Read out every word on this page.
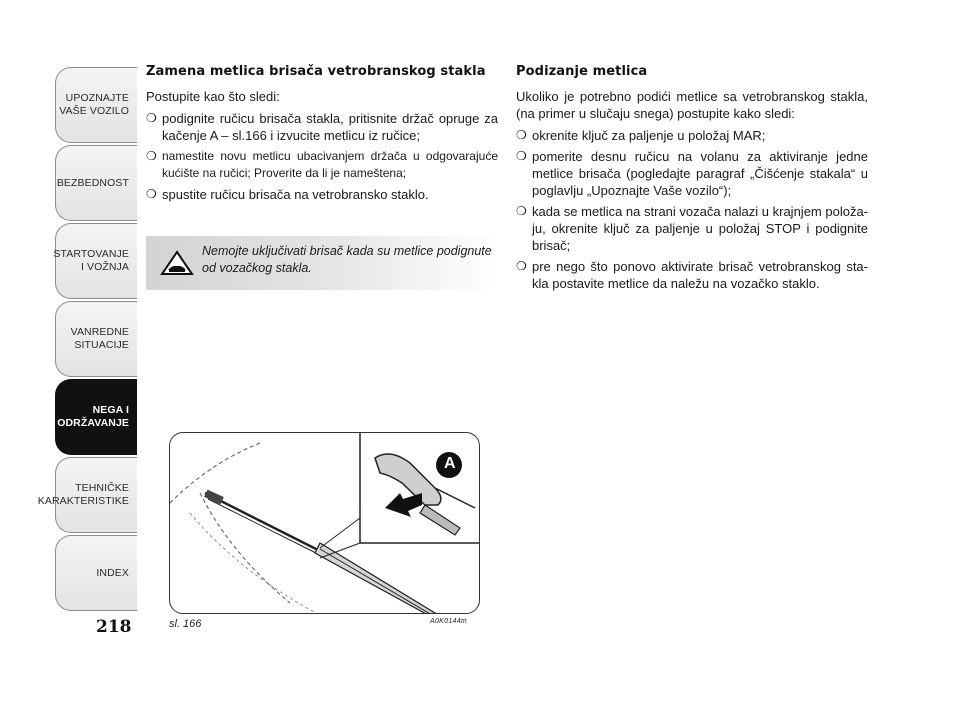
UPOZNAJTE
VAŠE VOZILO
BEZBEDNOST
STARTOVANJE
I VOŽNJA
VANREDNE
SITUACIJE
NEGA I
ODRŽAVANJE
TEHNIČKE
KARAKTERISTIKE
INDEX
218
Zamena metlica brisača vetrobranskog stakla

Postupite kao što sledi:

❍ podignite ručicu brisača stakla, pritisnite držač opruge za kačenje A – sl.166 i izvucite metlicu iz ručice;
❍ namestite novu metlicu ubacivanjem držača u odgovarajuće kućište na ručici; Proverite da li je nameštena;
❍ spustite ručicu brisača na vetrobransko staklo.
Nemojte uključivati brisač kada su metlice podignute od vozačkog stakla.
Podizanje metlica

Ukoliko je potrebno podići metlice sa vetrobranskog stakla, (na primer u slučaju snega) postupite kako sledi:

❍ okrenite ključ za paljenje u položaj MAR;
❍ pomerite desnu ručicu na volanu za aktiviranje jedne metlice brisača (pogledajte paragraf „Čišćenje stakala“ u poglavlju „Upoznajte Vaše vozilo“);
❍ kada se metlica na strani vozača nalazi u krajnjem položa- ju, okrenite ključ za paljenje u položaj STOP i podignite brisač;
❍ pre nego što ponovo aktivirate brisač vetrobranskog sta- kla postavite metlice da naležu na vozačko staklo.
A
sl. 166	A0K0144m
